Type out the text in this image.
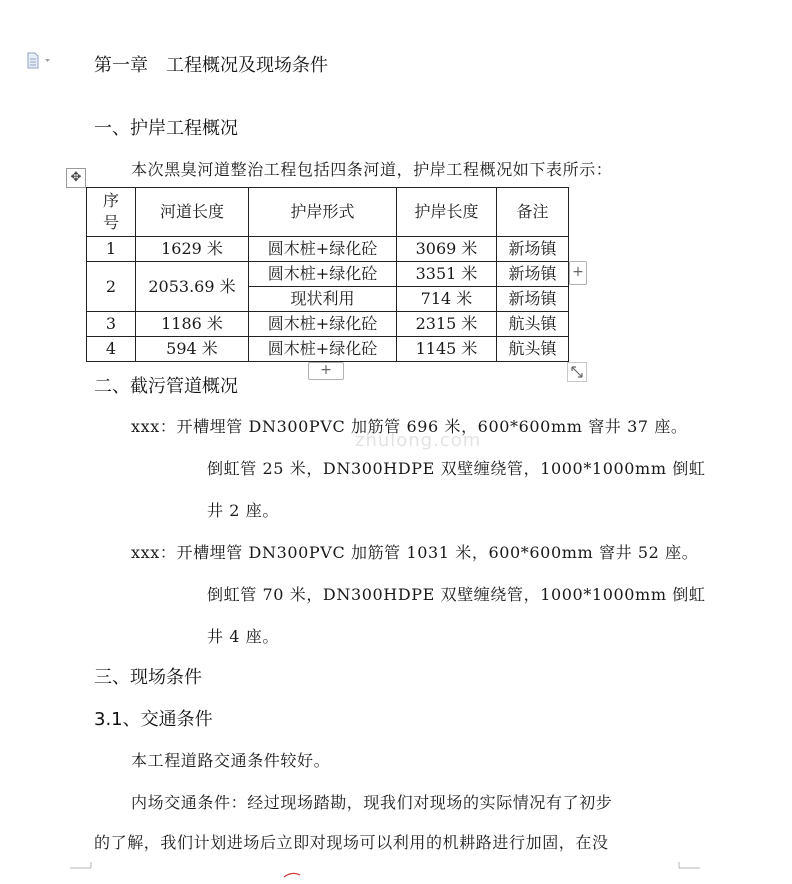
第一章　工程概况及现场条件
一、护岸工程概况
本次黑臭河道整治工程包括四条河道，护岸工程概况如下表所示：
✥
序号	河道长度	护岸形式	护岸长度	备注
1	1629 米	圆木桩+绿化砼	3069 米	新场镇
2	2053.69 米	圆木桩+绿化砼	3351 米	新场镇
		现状利用	714 米	新场镇
3	1186 米	圆木桩+绿化砼	2315 米	航头镇
4	594 米	圆木桩+绿化砼	1145 米	航头镇
+
+
二、截污管道概况
zhulong.com
xxx：开槽埋管 DN300PVC 加筋管 696 米，600*600mm 窨井 37 座。
倒虹管 25 米，DN300HDPE 双壁缠绕管，1000*1000mm 倒虹
井 2 座。
xxx：开槽埋管 DN300PVC 加筋管 1031 米，600*600mm 窨井 52 座。
倒虹管 70 米，DN300HDPE 双壁缠绕管，1000*1000mm 倒虹
井 4 座。
三、现场条件
3.1、交通条件
本工程道路交通条件较好。
内场交通条件：经过现场踏勘，现我们对现场的实际情况有了初步
的了解，我们计划进场后立即对现场可以利用的机耕路进行加固，在没
